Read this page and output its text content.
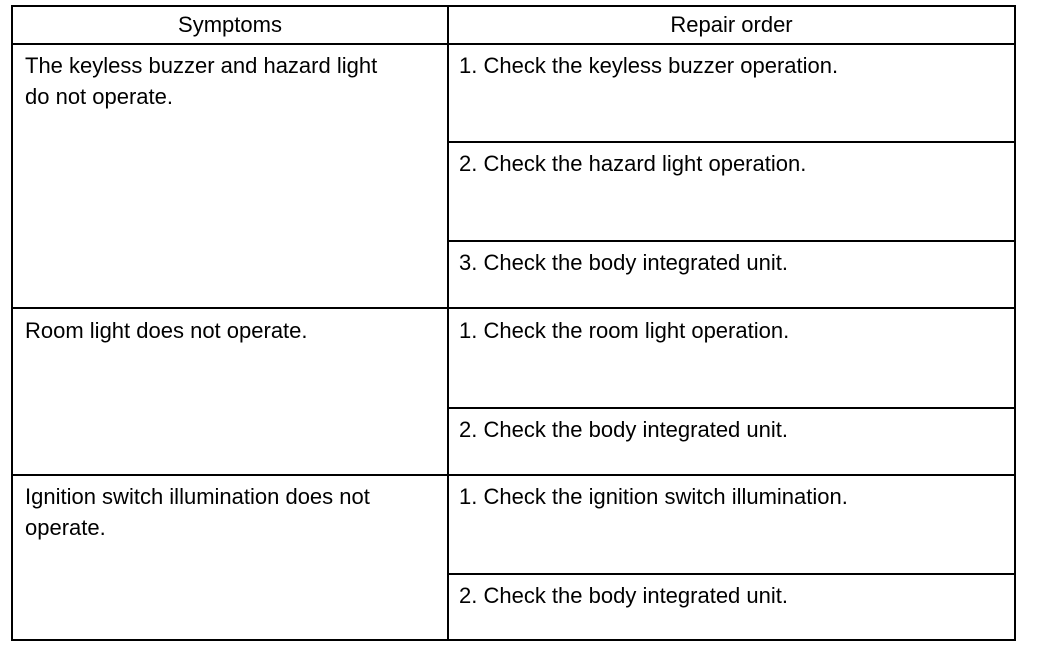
Symptoms	Repair order
The keyless buzzer and hazard light
do not operate.
1. Check the keyless buzzer operation.
2. Check the hazard light operation.
3. Check the body integrated unit.
Room light does not operate.	1. Check the room light operation.
2. Check the body integrated unit.
Ignition switch illumination does not
operate.
1. Check the ignition switch illumination.
2. Check the body integrated unit.
